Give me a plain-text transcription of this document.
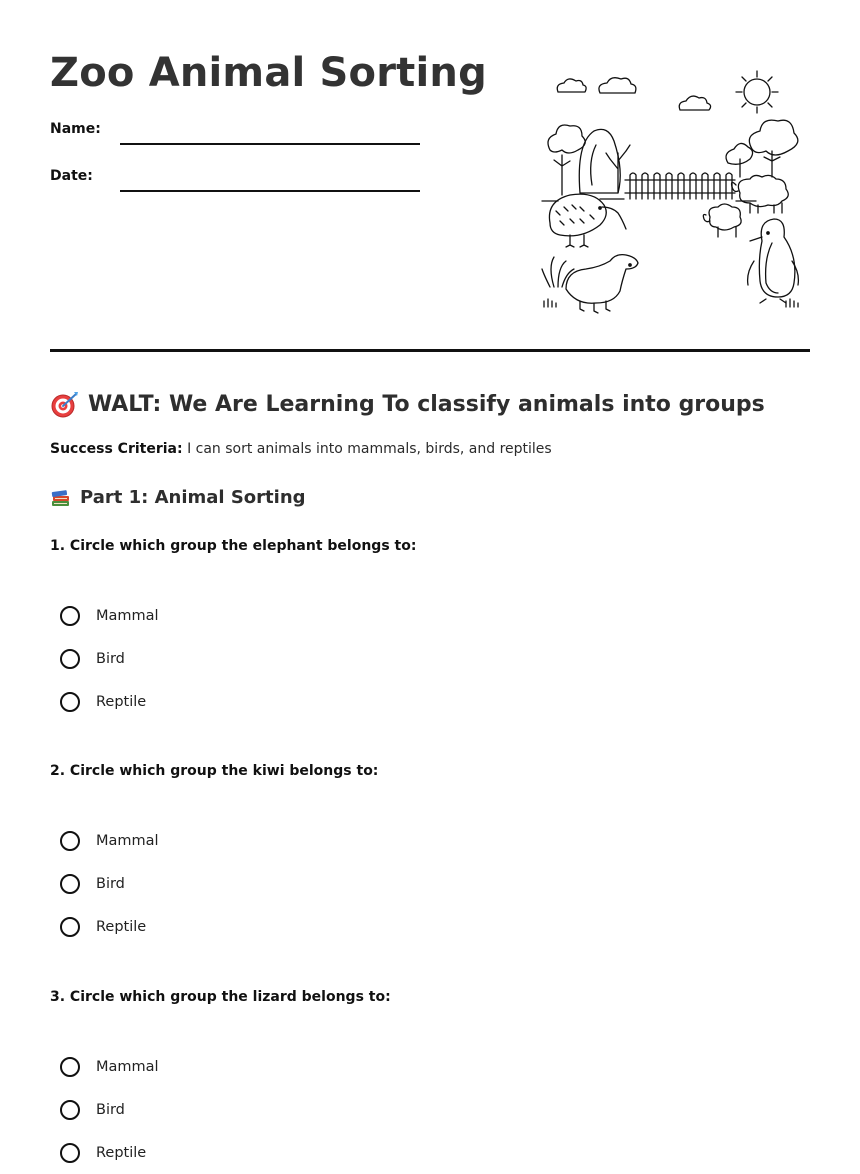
Zoo Animal Sorting
Name:
Date:
WALT: We Are Learning To classify animals into groups
Success Criteria: I can sort animals into mammals, birds, and reptiles
Part 1: Animal Sorting
1. Circle which group the elephant belongs to:
Mammal
Bird
Reptile
2. Circle which group the kiwi belongs to:
Mammal
Bird
Reptile
3. Circle which group the lizard belongs to:
Mammal
Bird
Reptile
